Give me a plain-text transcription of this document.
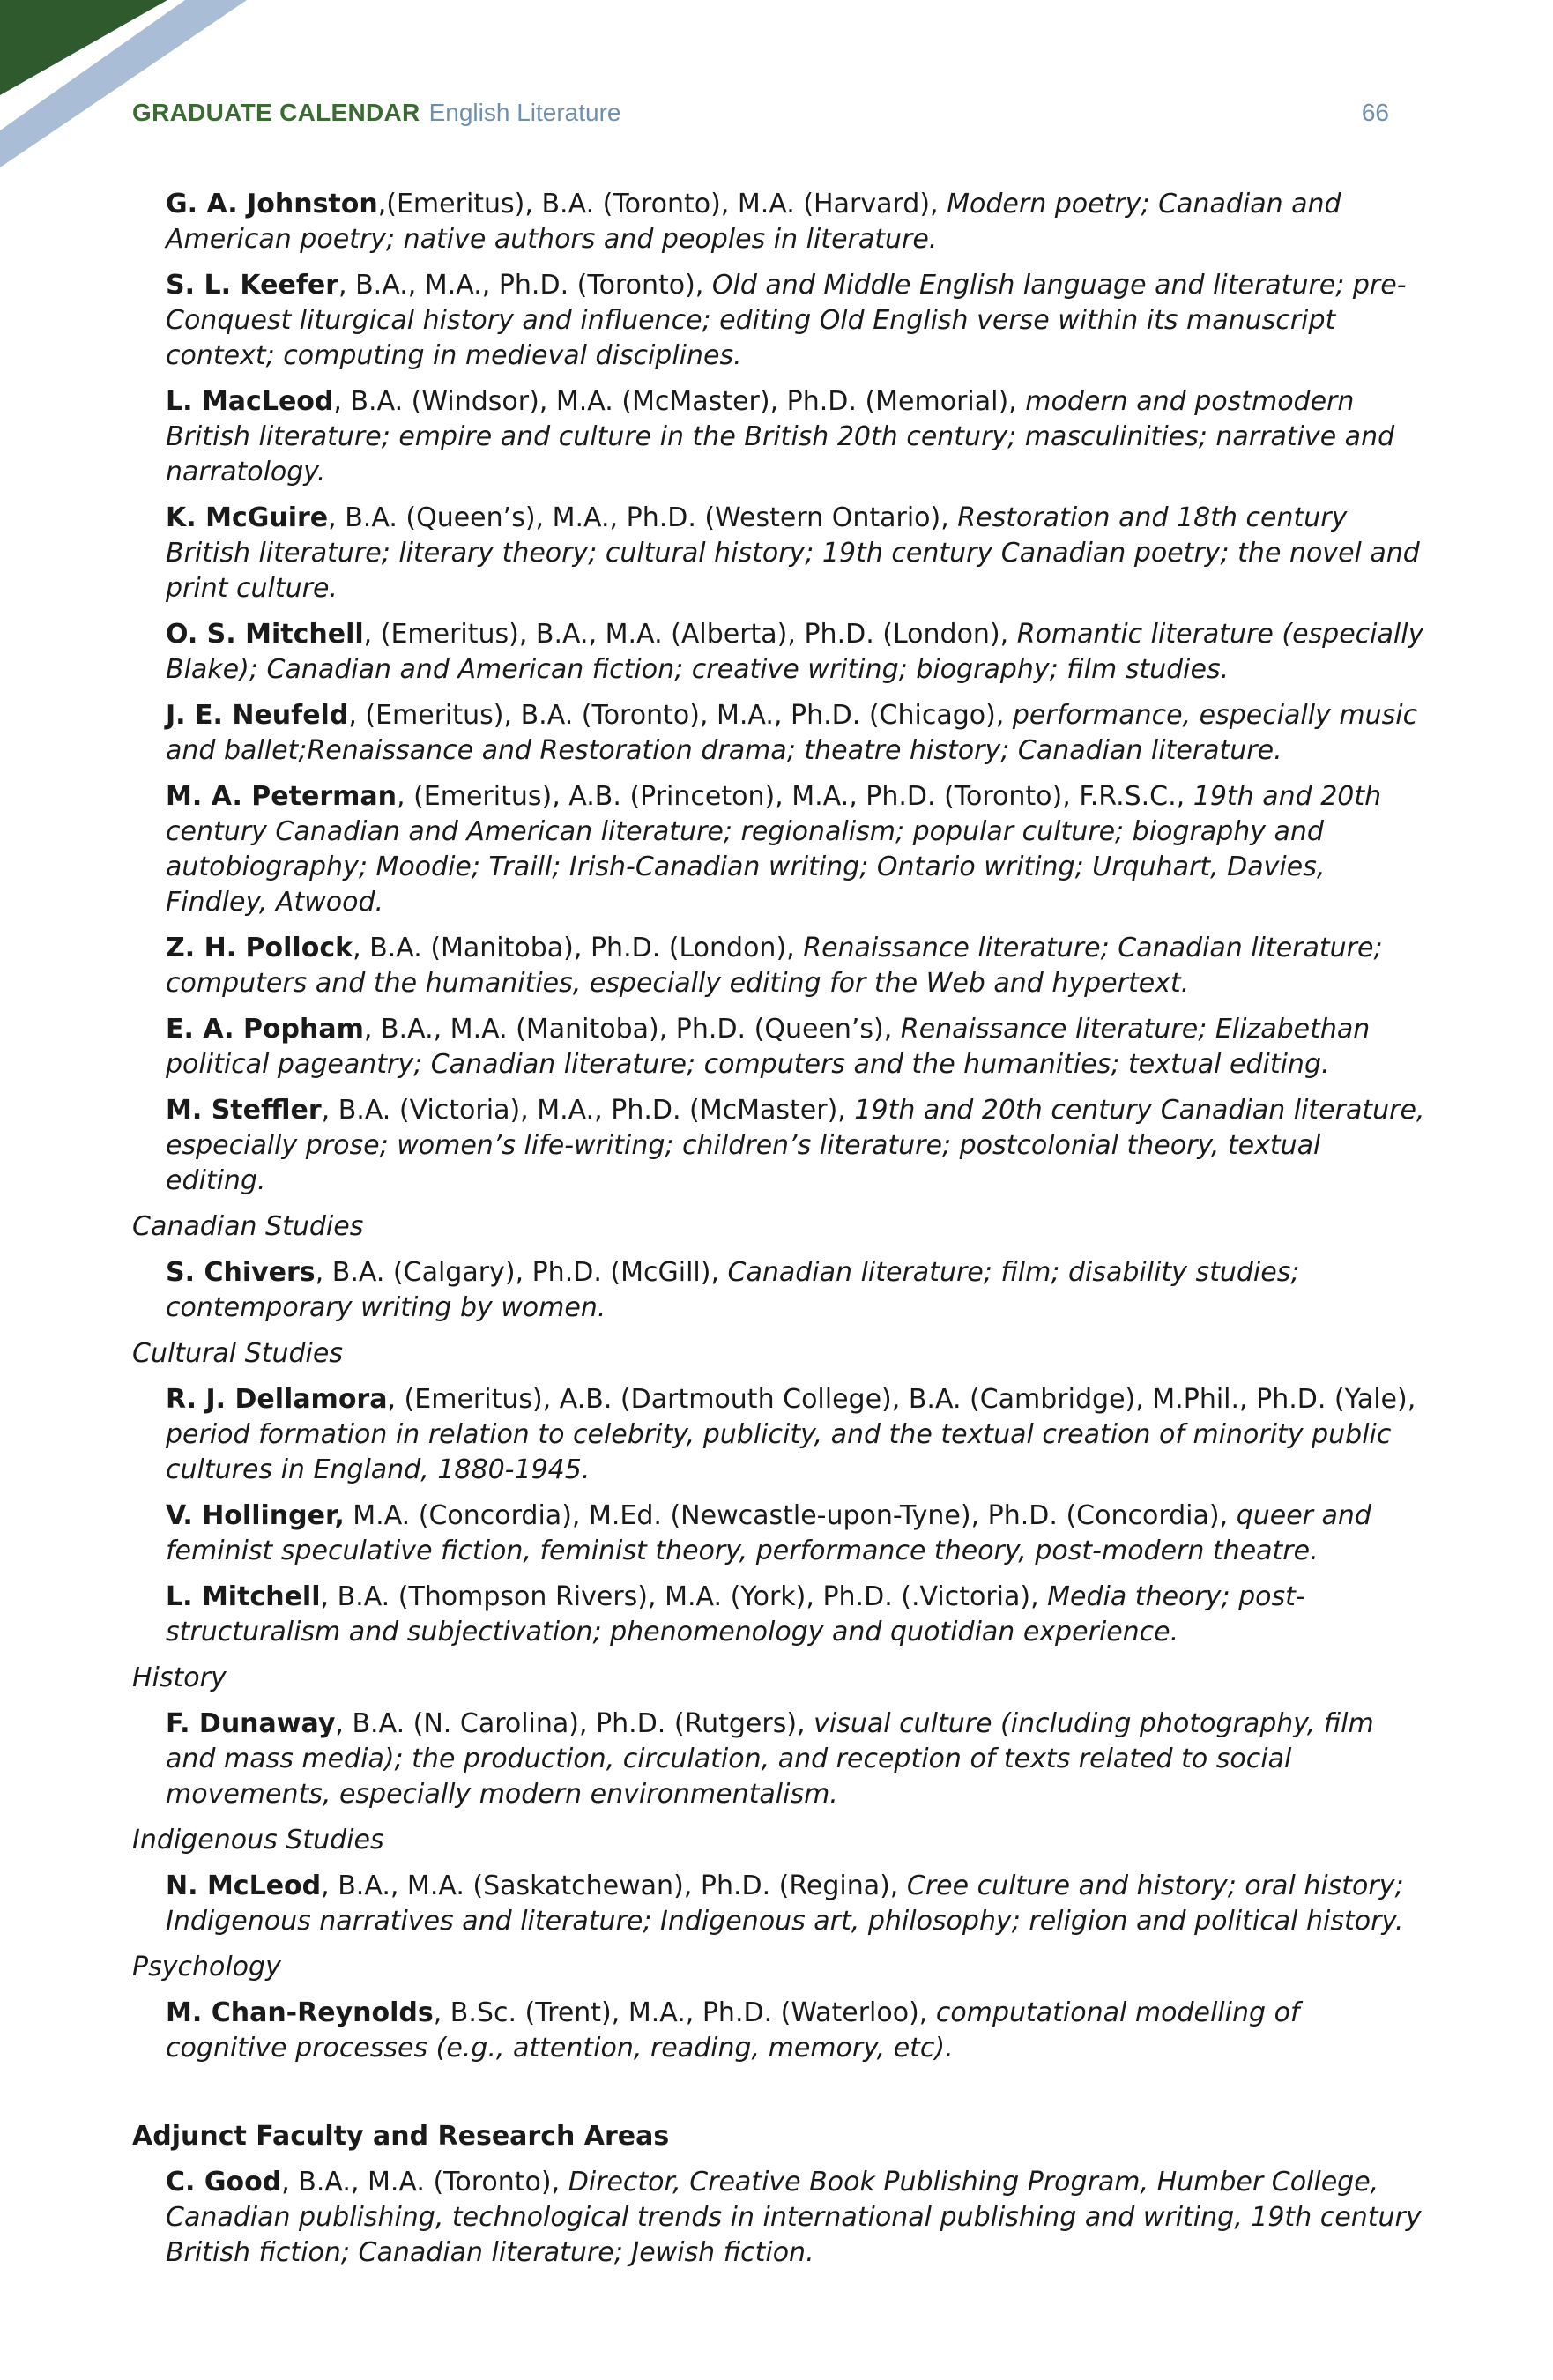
GRADUATE CALENDAR English Literature	66

G. A. Johnston,(Emeritus), B.A. (Toronto), M.A. (Harvard), Modern poetry; Canadian and American poetry; native authors and peoples in literature.

S. L. Keefer, B.A., M.A., Ph.D. (Toronto), Old and Middle English language and literature; pre-Conquest liturgical history and influence; editing Old English verse within its manuscript context; computing in medieval disciplines.

L. MacLeod, B.A. (Windsor), M.A. (McMaster), Ph.D. (Memorial), modern and postmodern British literature; empire and culture in the British 20th century; masculinities; narrative and narratology.

K. McGuire, B.A. (Queen’s), M.A., Ph.D. (Western Ontario), Restoration and 18th century British literature; literary theory; cultural history; 19th century Canadian poetry; the novel and print culture.

O. S. Mitchell, (Emeritus), B.A., M.A. (Alberta), Ph.D. (London), Romantic literature (especially Blake); Canadian and American fiction; creative writing; biography; film studies.

J. E. Neufeld, (Emeritus), B.A. (Toronto), M.A., Ph.D. (Chicago), performance, especially music and ballet;Renaissance and Restoration drama; theatre history; Canadian literature.

M. A. Peterman, (Emeritus), A.B. (Princeton), M.A., Ph.D. (Toronto), F.R.S.C., 19th and 20th century Canadian and American literature; regionalism; popular culture; biography and autobiography; Moodie; Traill; Irish-Canadian writing; Ontario writing; Urquhart, Davies, Findley, Atwood.

Z. H. Pollock, B.A. (Manitoba), Ph.D. (London), Renaissance literature; Canadian literature; computers and the humanities, especially editing for the Web and hypertext.

E. A. Popham, B.A., M.A. (Manitoba), Ph.D. (Queen’s), Renaissance literature; Elizabethan political pageantry; Canadian literature; computers and the humanities; textual editing.

M. Steffler, B.A. (Victoria), M.A., Ph.D. (McMaster), 19th and 20th century Canadian literature, especially prose; women’s life-writing; children’s literature; postcolonial theory, textual editing.

Canadian Studies

S. Chivers, B.A. (Calgary), Ph.D. (McGill), Canadian literature; film; disability studies; contemporary writing by women.

Cultural Studies

R. J. Dellamora, (Emeritus), A.B. (Dartmouth College), B.A. (Cambridge), M.Phil., Ph.D. (Yale), period formation in relation to celebrity, publicity, and the textual creation of minority public cultures in England, 1880-1945.

V. Hollinger, M.A. (Concordia), M.Ed. (Newcastle-upon-Tyne), Ph.D. (Concordia), queer and feminist speculative fiction, feminist theory, performance theory, post-modern theatre.

L. Mitchell, B.A. (Thompson Rivers), M.A. (York), Ph.D. (.Victoria), Media theory; post-structuralism and subjectivation; phenomenology and quotidian experience.

History

F. Dunaway, B.A. (N. Carolina), Ph.D. (Rutgers), visual culture (including photography, film and mass media); the production, circulation, and reception of texts related to social movements, especially modern environmentalism.

Indigenous Studies

N. McLeod, B.A., M.A. (Saskatchewan), Ph.D. (Regina), Cree culture and history; oral history; Indigenous narratives and literature; Indigenous art, philosophy; religion and political history.

Psychology

M. Chan-Reynolds, B.Sc. (Trent), M.A., Ph.D. (Waterloo), computational modelling of cognitive processes (e.g., attention, reading, memory, etc).

Adjunct Faculty and Research Areas

C. Good, B.A., M.A. (Toronto), Director, Creative Book Publishing Program, Humber College, Canadian publishing, technological trends in international publishing and writing, 19th century British fiction; Canadian literature; Jewish fiction.
